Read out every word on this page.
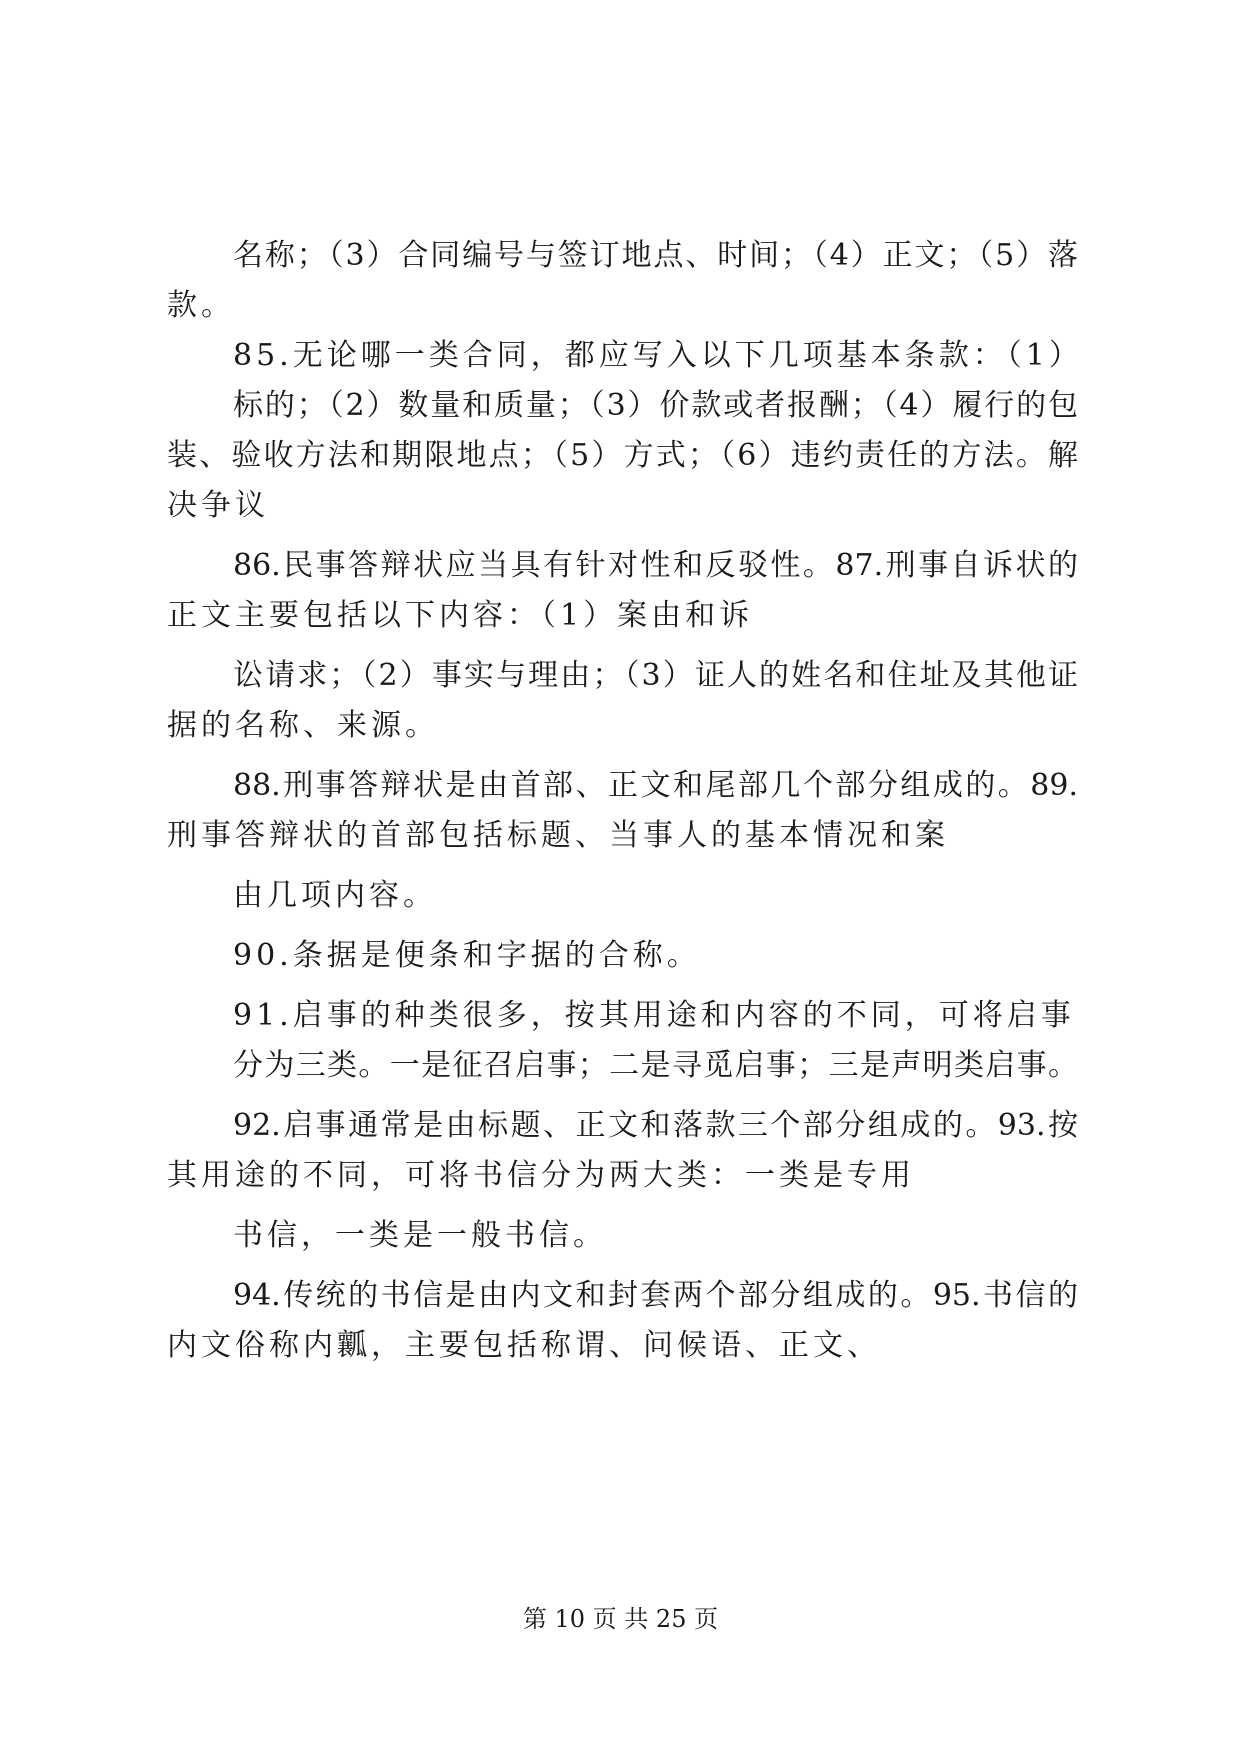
名称；（3）合同编号与签订地点、时间；（4）正文；（5）落
款。
85.无论哪一类合同，都应写入以下几项基本条款：（1）
标的；（2）数量和质量；（3）价款或者报酬；（4）履行的包
装、验收方法和期限地点；（5）方式；（6）违约责任的方法。解
决争议
86.民事答辩状应当具有针对性和反驳性。87.刑事自诉状的
正文主要包括以下内容：（1）案由和诉
讼请求；（2）事实与理由；（3）证人的姓名和住址及其他证
据的名称、来源。
88.刑事答辩状是由首部、正文和尾部几个部分组成的。89.
刑事答辩状的首部包括标题、当事人的基本情况和案
由几项内容。
90.条据是便条和字据的合称。
91.启事的种类很多，按其用途和内容的不同，可将启事
分为三类。一是征召启事；二是寻觅启事；三是声明类启事。
92.启事通常是由标题、正文和落款三个部分组成的。93.按
其用途的不同，可将书信分为两大类：一类是专用
书信，一类是一般书信。
94.传统的书信是由内文和封套两个部分组成的。95.书信的
内文俗称内瓤，主要包括称谓、问候语、正文、
第 10 页 共 25 页
